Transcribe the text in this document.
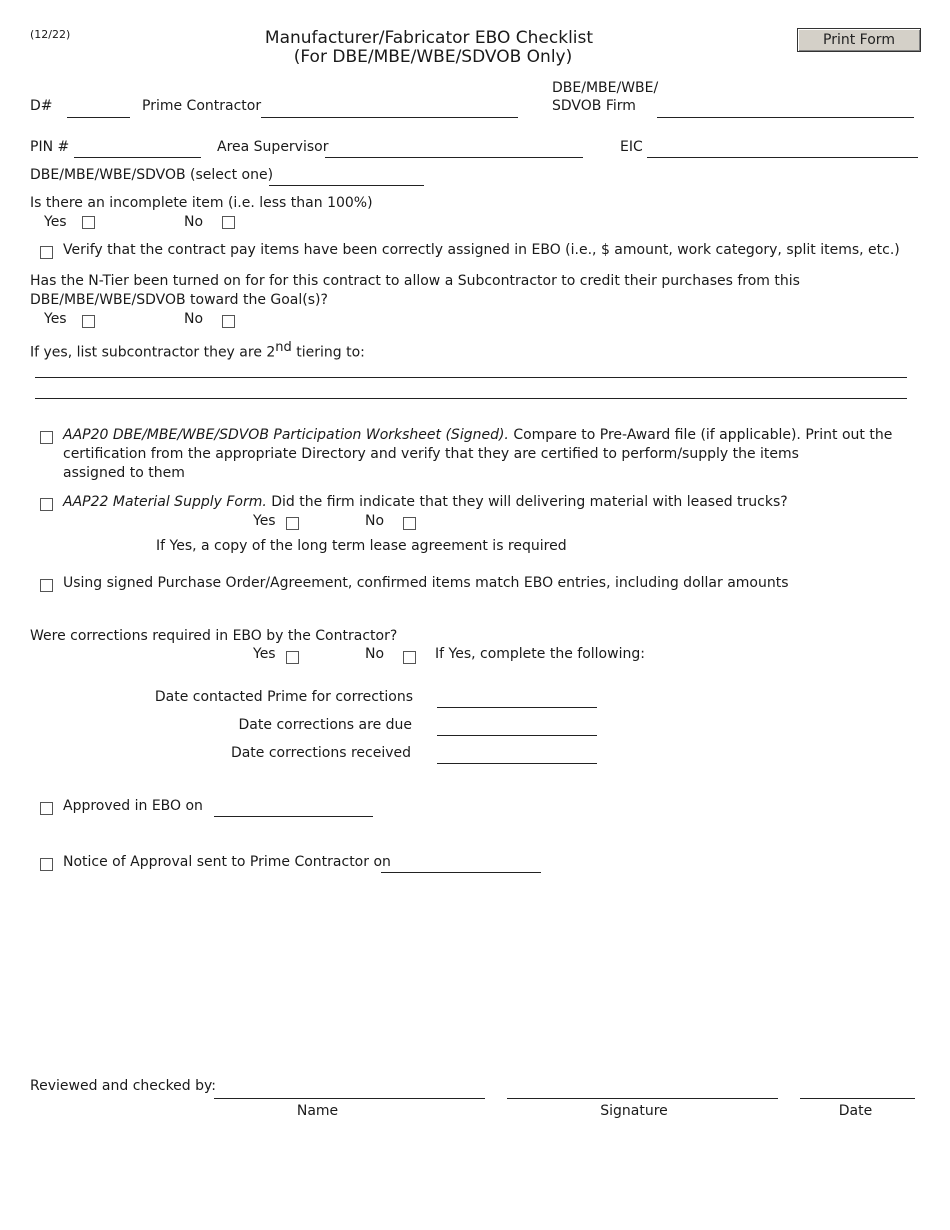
(12/22)	Manufacturer/Fabricator EBO Checklist
(For DBE/MBE/WBE/SDVOB Only)
Print Form
D#	Prime Contractor
DBE/MBE/WBE/
SDVOB Firm
PIN #	Area Supervisor	EIC
DBE/MBE/WBE/SDVOB (select one)
Is there an incomplete item (i.e. less than 100%)
Yes	No
Verify that the contract pay items have been correctly assigned in EBO (i.e., $ amount, work category, split items, etc.)
Has the N-Tier been turned on for for this contract to allow a Subcontractor to credit their purchases from this
DBE/MBE/WBE/SDVOB toward the Goal(s)?
Yes	No
If yes, list subcontractor they are 2nd tiering to:
AAP20 DBE/MBE/WBE/SDVOB Participation Worksheet (Signed). Compare to Pre-Award file (if applicable). Print out the
certification from the appropriate Directory and verify that they are certified to perform/supply the items
assigned to them
AAP22 Material Supply Form. Did the firm indicate that they will delivering material with leased trucks?
Yes	No
If Yes, a copy of the long term lease agreement is required
Using signed Purchase Order/Agreement, confirmed items match EBO entries, including dollar amounts
Were corrections required in EBO by the Contractor?
Yes	No	If Yes, complete the following:
Date contacted Prime for corrections
Date corrections are due
Date corrections received
Approved in EBO on
Notice of Approval sent to Prime Contractor on
Reviewed and checked by:
Name	Signature	Date
